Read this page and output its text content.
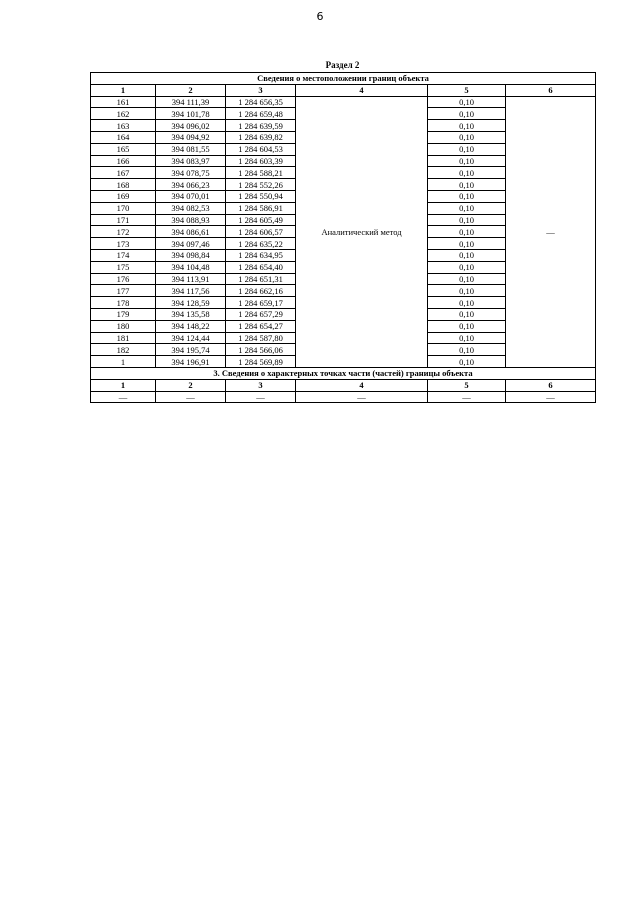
6
Раздел 2
Сведения о местоположении границ объекта					
1	2	3	4	5	6
161	394 111,39	1 284 656,35	Аналитический метод	0,10	—
162	394 101,78	1 284 659,48		0,10	
163	394 096,02	1 284 639,59		0,10	
164	394 094,92	1 284 639,82		0,10	
165	394 081,55	1 284 604,53		0,10	
166	394 083,97	1 284 603,39		0,10	
167	394 078,75	1 284 588,21		0,10	
168	394 066,23	1 284 552,26		0,10	
169	394 070,01	1 284 550,94		0,10	
170	394 082,53	1 284 586,91		0,10	
171	394 088,93	1 284 605,49		0,10	
172	394 086,61	1 284 606,57		0,10	
173	394 097,46	1 284 635,22		0,10	
174	394 098,84	1 284 634,95		0,10	
175	394 104,48	1 284 654,40		0,10	
176	394 113,91	1 284 651,31		0,10	
177	394 117,56	1 284 662,16		0,10	
178	394 128,59	1 284 659,17		0,10	
179	394 135,58	1 284 657,29		0,10	
180	394 148,22	1 284 654,27		0,10	
181	394 124,44	1 284 587,80		0,10	
182	394 195,74	1 284 566,06		0,10	
1	394 196,91	1 284 569,89		0,10	
3. Сведения о характерных точках части (частей) границы объекта					
1	2	3	4	5	6
—	—	—	—	—	—
